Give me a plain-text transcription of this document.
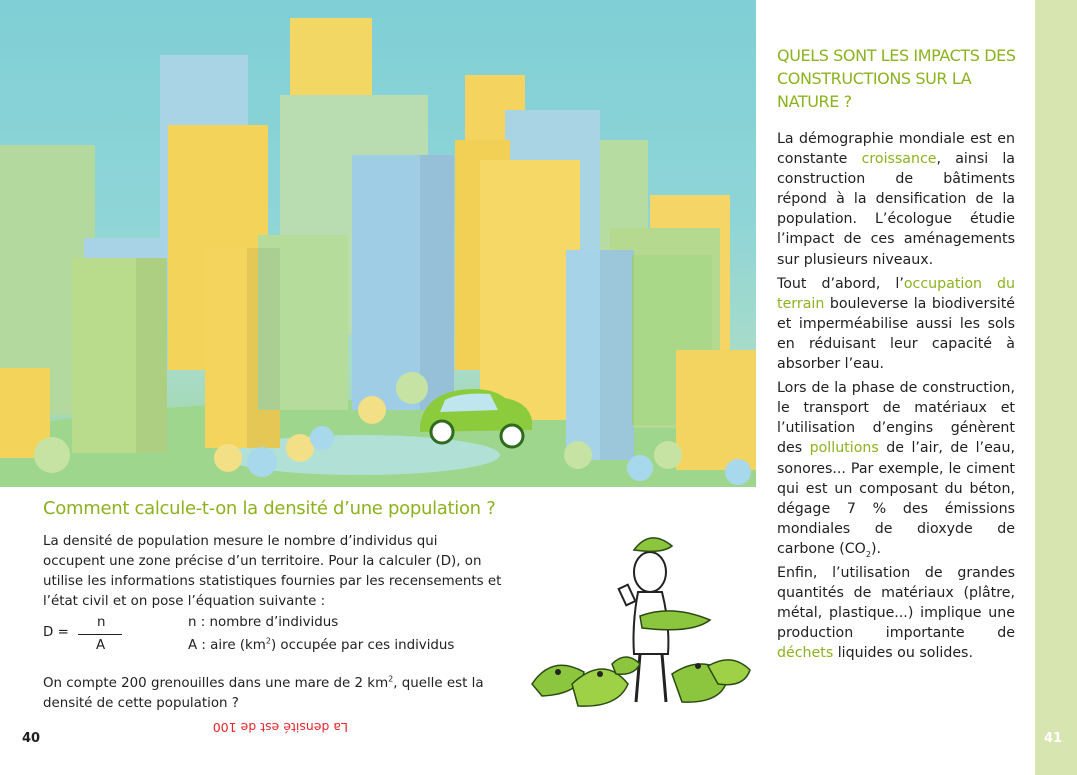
Comment calcule-t-on la densité d’une population ?

La densité de population mesure le nombre d’individus qui occupent une zone précise d’un territoire. Pour la calculer (D), on utilise les informations statistiques fournies par les recensements et l’état civil et on pose l’équation suivante :

D =
n
A
n : nombre d’individus
A : aire $(km^2)$ occupée par ces individus

On compte 200 grenouilles dans une mare de 2 $km^2$, quelle est la densité de cette population ?

La densité est de 100

40
QUELS SONT LES IMPACTS DES CONSTRUCTIONS SUR LA NATURE ?

La démographie mondiale est en constante croissance, ainsi la construction de bâtiments répond à la densification de la population. L’écologue étudie l’impact de ces aménagements sur plusieurs niveaux.

Tout d’abord, l’occupation du terrain bouleverse la biodiversité et imperméabilise aussi les sols en réduisant leur capacité à absorber l’eau.

Lors de la phase de construction, le transport de matériaux et l’utilisation d’engins génèrent des pollutions de l’air, de l’eau, sonores... Par exemple, le ciment qui est un composant du béton, dégage 7 % des émissions mondiales de dioxyde de carbone $(CO_2)$.

Enfin, l’utilisation de grandes quantités de matériaux (plâtre, métal, plastique...) implique une production importante de déchets liquides ou solides.

41
